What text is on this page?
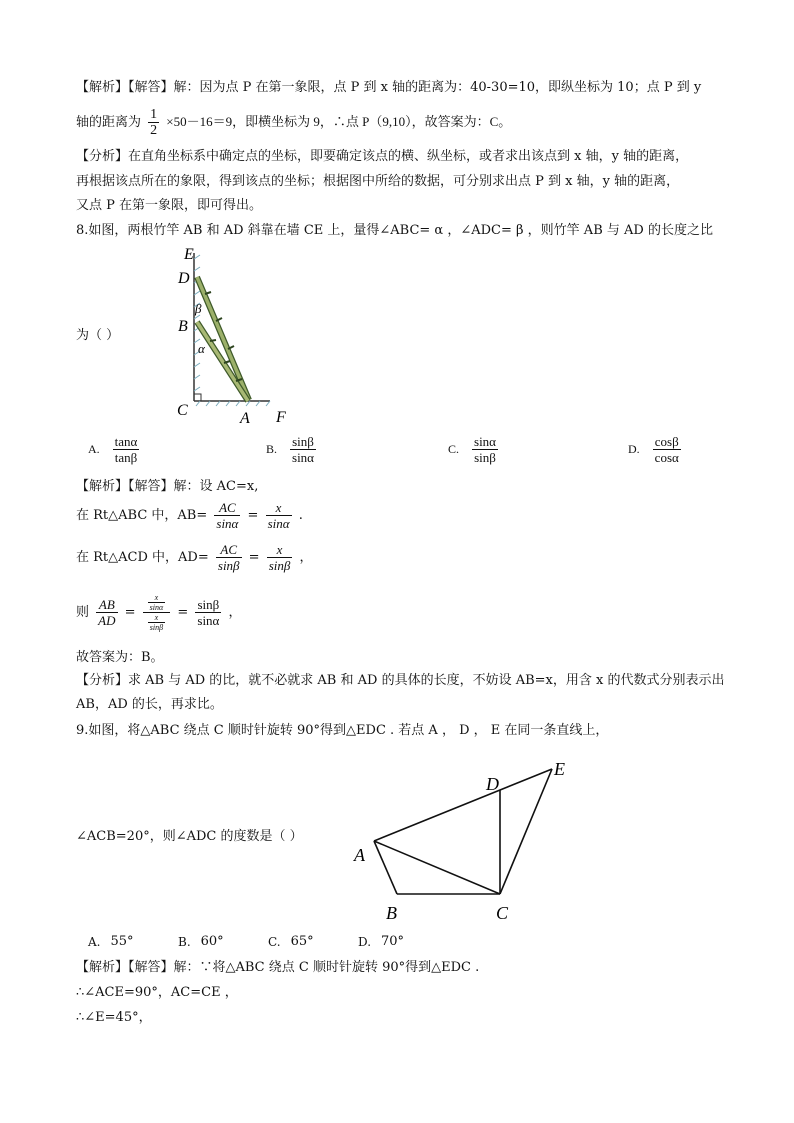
【解析】【解答】解：因为点 P 在第一象限，点 P 到 x 轴的距离为：40-30=10，即纵坐标为 10；点 P 到 y
轴的距离为 $\frac{1}{2} \times 50-16=9$，即横坐标为 9，∴点 P（9,10），故答案为：C。
【分析】在直角坐标系中确定点的坐标，即要确定该点的横、纵坐标，或者求出该点到 x 轴，y 轴的距离，
再根据该点所在的象限，得到该点的坐标；根据图中所给的数据，可分别求出点 P 到 x 轴，y 轴的距离，
又点 P 在第一象限，即可得出。
8.如图，两根竹竿 AB 和 AD 斜靠在墙 CE 上，量得∠ABC= α ，∠ADC= β ，则竹竿 AB 与 AD 的长度之比
为（ ）
E
D
β
B
α
C	A F
A. $\frac{\tan\alpha}{\tan\beta}$	B. $\frac{\sin\beta}{\sin\alpha}$	C. $\frac{\sin\alpha}{\sin\beta}$	D. $\frac{\cos\beta}{\cos\alpha}$
【解析】【解答】解：设 AC=x,
在 Rt△ABC 中，$AB= \frac{AC}{\sin\alpha} = \frac{x}{\sin\alpha}$ .
在 Rt△ACD 中，$AD= \frac{AC}{\sin\beta} = \frac{x}{\sin\beta}$ ，
则 $\frac{AB}{AD} = \frac{\frac{x}{\sin\alpha}}{\frac{x}{\sin\beta}} = \frac{\sin\beta}{\sin\alpha}$ ，
故答案为：B。
【分析】求 AB 与 AD 的比，就不必就求 AB 和 AD 的具体的长度，不妨设 AB=x，用含 x 的代数式分别表示出
AB，AD 的长，再求比。
9.如图，将△ABC 绕点 C 顺时针旋转 90°得到△EDC . 若点 A ， D ， E 在同一条直线上，
∠ACB=20°，则∠ADC 的度数是（ ）
A
B	C
D
E
A. 55°	B. 60°	C. 65°	D. 70°
【解析】【解答】解：∵将△ABC 绕点 C 顺时针旋转 90°得到△EDC .
∴∠ACE=90°，AC=CE ，
∴∠E=45°，
